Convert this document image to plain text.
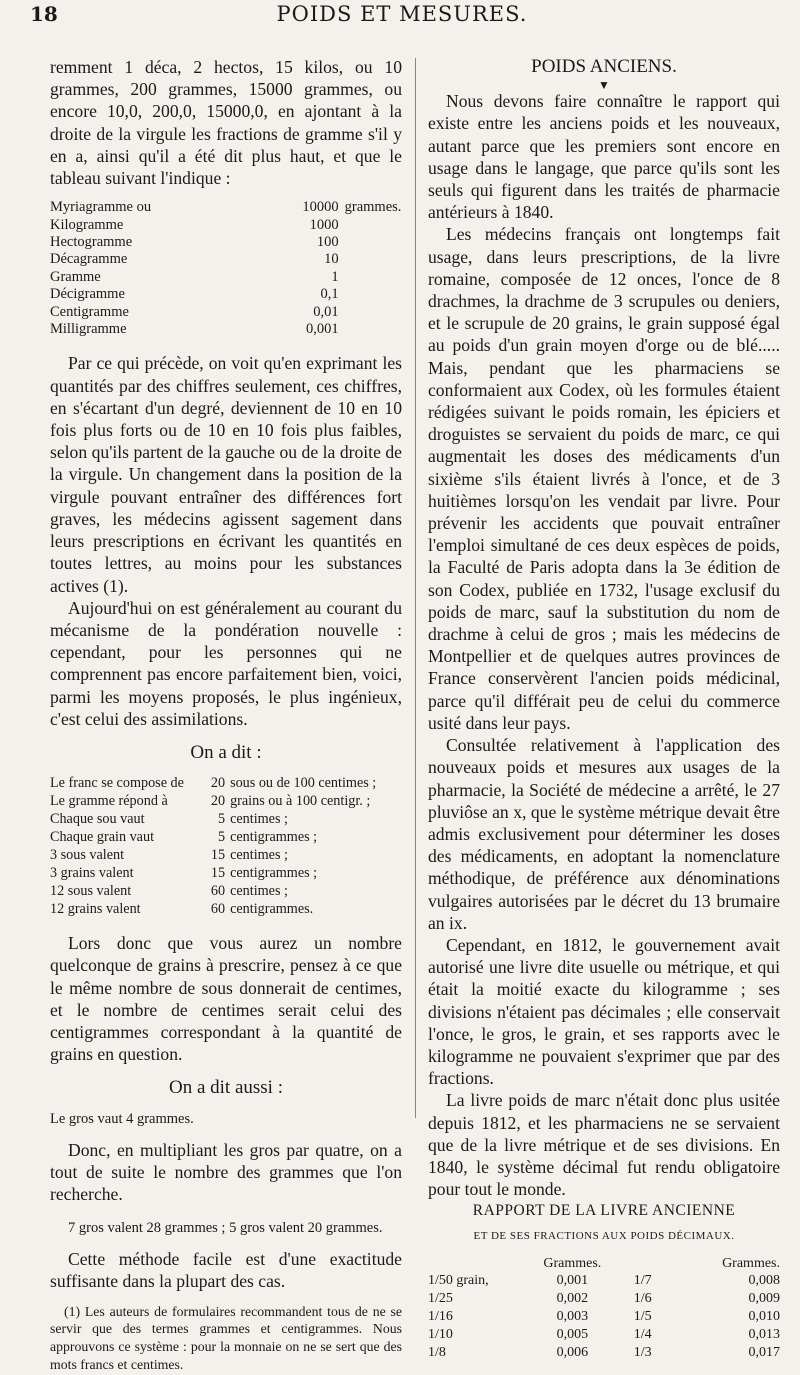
18	POIDS ET MESURES.

remment 1 déca, 2 hectos, 15 kilos, ou 10 grammes, 200 grammes, 15000 grammes, ou encore 10,0, 200,0, 15000,0, en ajontant à la droite de la virgule les fractions de gramme s'il y en a, ainsi qu'il a été dit plus haut, et que le tableau suivant l'indique :

Myriagramme ou	10000	grammes.
Kilogramme	1000	
Hectogramme	100	
Décagramme	10	
Gramme	1	
Décigramme	0,1	
Centigramme	0,01	
Milligramme	0,001	

Par ce qui précède, on voit qu'en exprimant les quantités par des chiffres seulement, ces chiffres, en s'écartant d'un degré, deviennent de 10 en 10 fois plus forts ou de 10 en 10 fois plus faibles, selon qu'ils partent de la gauche ou de la droite de la virgule. Un changement dans la position de la virgule pouvant entraîner des différences fort graves, les médecins agissent sagement dans leurs prescriptions en écrivant les quantités en toutes lettres, au moins pour les substances actives (1).

Aujourd'hui on est généralement au courant du mécanisme de la pondération nouvelle : cependant, pour les personnes qui ne comprennent pas encore parfaitement bien, voici, parmi les moyens proposés, le plus ingénieux, c'est celui des assimilations.

On a dit :
Le franc se compose de	20	sous ou de 100 centimes ;
Le gramme répond à	20	grains ou à 100 centigr. ;
Chaque sou vaut	5	centimes ;
Chaque grain vaut	5	centigrammes ;
3 sous valent	15	centimes ;
3 grains valent	15	centigrammes ;
12 sous valent	60	centimes ;
12 grains valent	60	centigrammes.

Lors donc que vous aurez un nombre quelconque de grains à prescrire, pensez à ce que le même nombre de sous donnerait de centimes, et le nombre de centimes serait celui des centigrammes correspondant à la quantité de grains en question.

On a dit aussi :

Le gros vaut 4 grammes.

Donc, en multipliant les gros par quatre, on a tout de suite le nombre des grammes que l'on recherche.

7 gros valent 28 grammes ; 5 gros valent 20 grammes.

Cette méthode facile est d'une exactitude suffisante dans la plupart des cas.

(1) Les auteurs de formulaires recommandent tous de ne se servir que des termes grammes et centigrammes. Nous approuvons ce système : pour la monnaie on ne se sert que des mots francs et centimes.

POIDS ANCIENS.
▼

Nous devons faire connaître le rapport qui existe entre les anciens poids et les nouveaux, autant parce que les premiers sont encore en usage dans le langage, que parce qu'ils sont les seuls qui figurent dans les traités de pharmacie antérieurs à 1840.

Les médecins français ont longtemps fait usage, dans leurs prescriptions, de la livre romaine, composée de 12 onces, l'once de 8 drachmes, la drachme de 3 scrupules ou deniers, et le scrupule de 20 grains, le grain supposé égal au poids d'un grain moyen d'orge ou de blé..... Mais, pendant que les pharmaciens se conformaient aux Codex, où les formules étaient rédigées suivant le poids romain, les épiciers et droguistes se servaient du poids de marc, ce qui augmentait les doses des médicaments d'un sixième s'ils étaient livrés à l'once, et de 3 huitièmes lorsqu'on les vendait par livre. Pour prévenir les accidents que pouvait entraîner l'emploi simultané de ces deux espèces de poids, la Faculté de Paris adopta dans la 3e édition de son Codex, publiée en 1732, l'usage exclusif du poids de marc, sauf la substitution du nom de drachme à celui de gros ; mais les médecins de Montpellier et de quelques autres provinces de France conservèrent l'ancien poids médicinal, parce qu'il différait peu de celui du commerce usité dans leur pays.

Consultée relativement à l'application des nouveaux poids et mesures aux usages de la pharmacie, la Société de médecine a arrêté, le 27 pluviôse an x, que le système métrique devait être admis exclusivement pour déterminer les doses des médicaments, en adoptant la nomenclature méthodique, de préférence aux dénominations vulgaires autorisées par le décret du 13 brumaire an ix.

Cependant, en 1812, le gouvernement avait autorisé une livre dite usuelle ou métrique, et qui était la moitié exacte du kilogramme ; ses divisions n'étaient pas décimales ; elle conservait l'once, le gros, le grain, et ses rapports avec le kilogramme ne pouvaient s'exprimer que par des fractions.

La livre poids de marc n'était donc plus usitée depuis 1812, et les pharmaciens ne se servaient que de la livre métrique et de ses divisions. En 1840, le système décimal fut rendu obligatoire pour tout le monde.

RAPPORT DE LA LIVRE ANCIENNE
ET DE SES FRACTIONS AUX POIDS DÉCIMAUX.
	Grammes.		Grammes.
1/50 grain,	0,001	1/7	0,008
1/25	0,002	1/6	0,009
1/16	0,003	1/5	0,010
1/10	0,005	1/4	0,013
1/8	0,006	1/3	0,017
